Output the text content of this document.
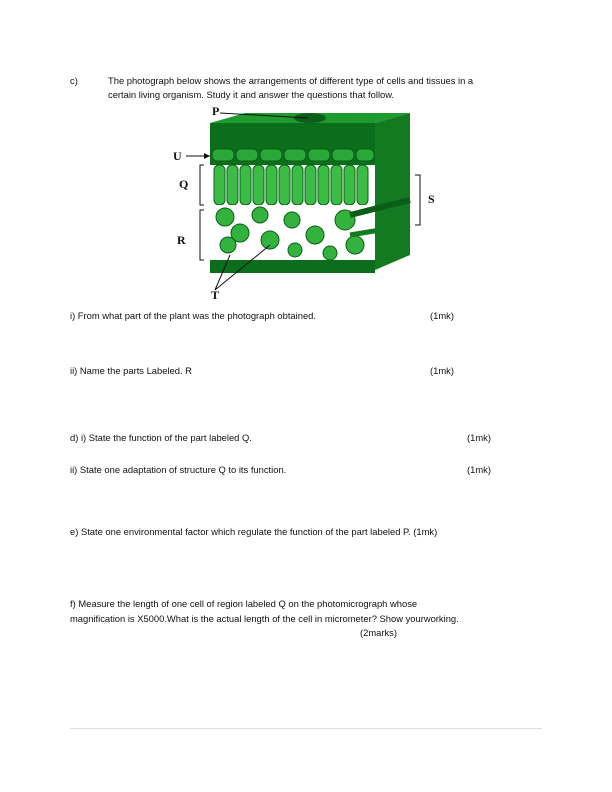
c)	The photograph below shows the arrangements of different type of cells and tissues in a
certain living organism. Study it and answer the questions that follow.
P
U
Q
R
S
T
i) From what part of the plant was the photograph obtained.	(1mk)
ii) Name the parts Labeled. R	(1mk)
d) i) State the function of the part labeled Q.	(1mk)
ii) State one adaptation of structure Q to its function.	(1mk)
e) State one environmental factor which regulate the function of the part labeled P. (1mk)
f) Measure the length of one cell of region labeled Q on the photomicrograph whose
magnification is X5000.What is the actual length of the cell in micrometer? Show yourworking.
(2marks)
